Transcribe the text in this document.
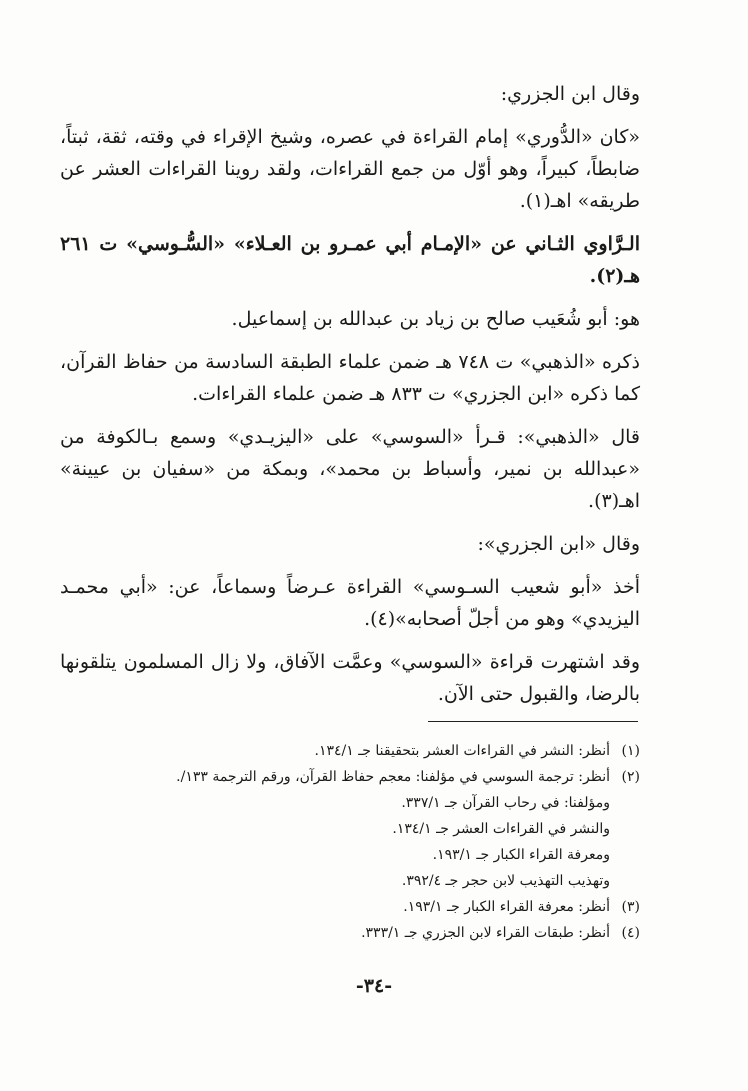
وقال ابن الجزري:

«كان «الدُّوري» إمام القراءة في عصره، وشيخ الإقراء في وقته، ثقة، ثبتاً، ضابطاً، كبيراً، وهو أوّل من جمع القراءات، ولقد روينا القراءات العشر عن طريقه» اهـ(١).

الـرَّاوي الثـاني عن «الإمـام أبي عمـرو بن العـلاء» «السُّـوسي» ت ٢٦١ هـ(٢).

هو: أبو شُعَيب صالح بن زياد بن عبدالله بن إسماعيل.

ذكره «الذهبي» ت ٧٤٨ هـ ضمن علماء الطبقة السادسة من حفاظ القرآن، كما ذكره «ابن الجزري» ت ٨٣٣ هـ ضمن علماء القراءات.

قال «الذهبي»: قـرأ «السوسي» على «اليزيـدي» وسمع بـالكوفة من «عبدالله بن نمير، وأسباط بن محمد»، وبمكة من «سفيان بن عيينة» اهـ(٣).

وقال «ابن الجزري»:

أخذ «أبو شعيب السـوسي» القراءة عـرضاً وسماعاً، عن: «أبي محمـد اليزيدي» وهو من أجلّ أصحابه»(٤).

وقد اشتهرت قراءة «السوسي» وعمَّت الآفاق، ولا زال المسلمون يتلقونها بالرضا، والقبول حتى الآن.

(١)أنظر: النشر في القراءات العشر بتحقيقنا جـ ١٣٤/١.
(٢)أنظر: ترجمة السوسي في مؤلفنا: معجم حفاظ القرآن، ورقم الترجمة ١٣٣/.
ومؤلفنا: في رحاب القرآن جـ ٣٣٧/١.
والنشر في القراءات العشر جـ ١٣٤/١.
ومعرفة القراء الكبار جـ ١٩٣/١.
وتهذيب التهذيب لابن حجر جـ ٣٩٢/٤.
(٣)أنظر: معرفة القراء الكبار جـ ١٩٣/١.
(٤)أنظر: طبقات القراء لابن الجزري جـ ٣٣٣/١.
-٣٤-
